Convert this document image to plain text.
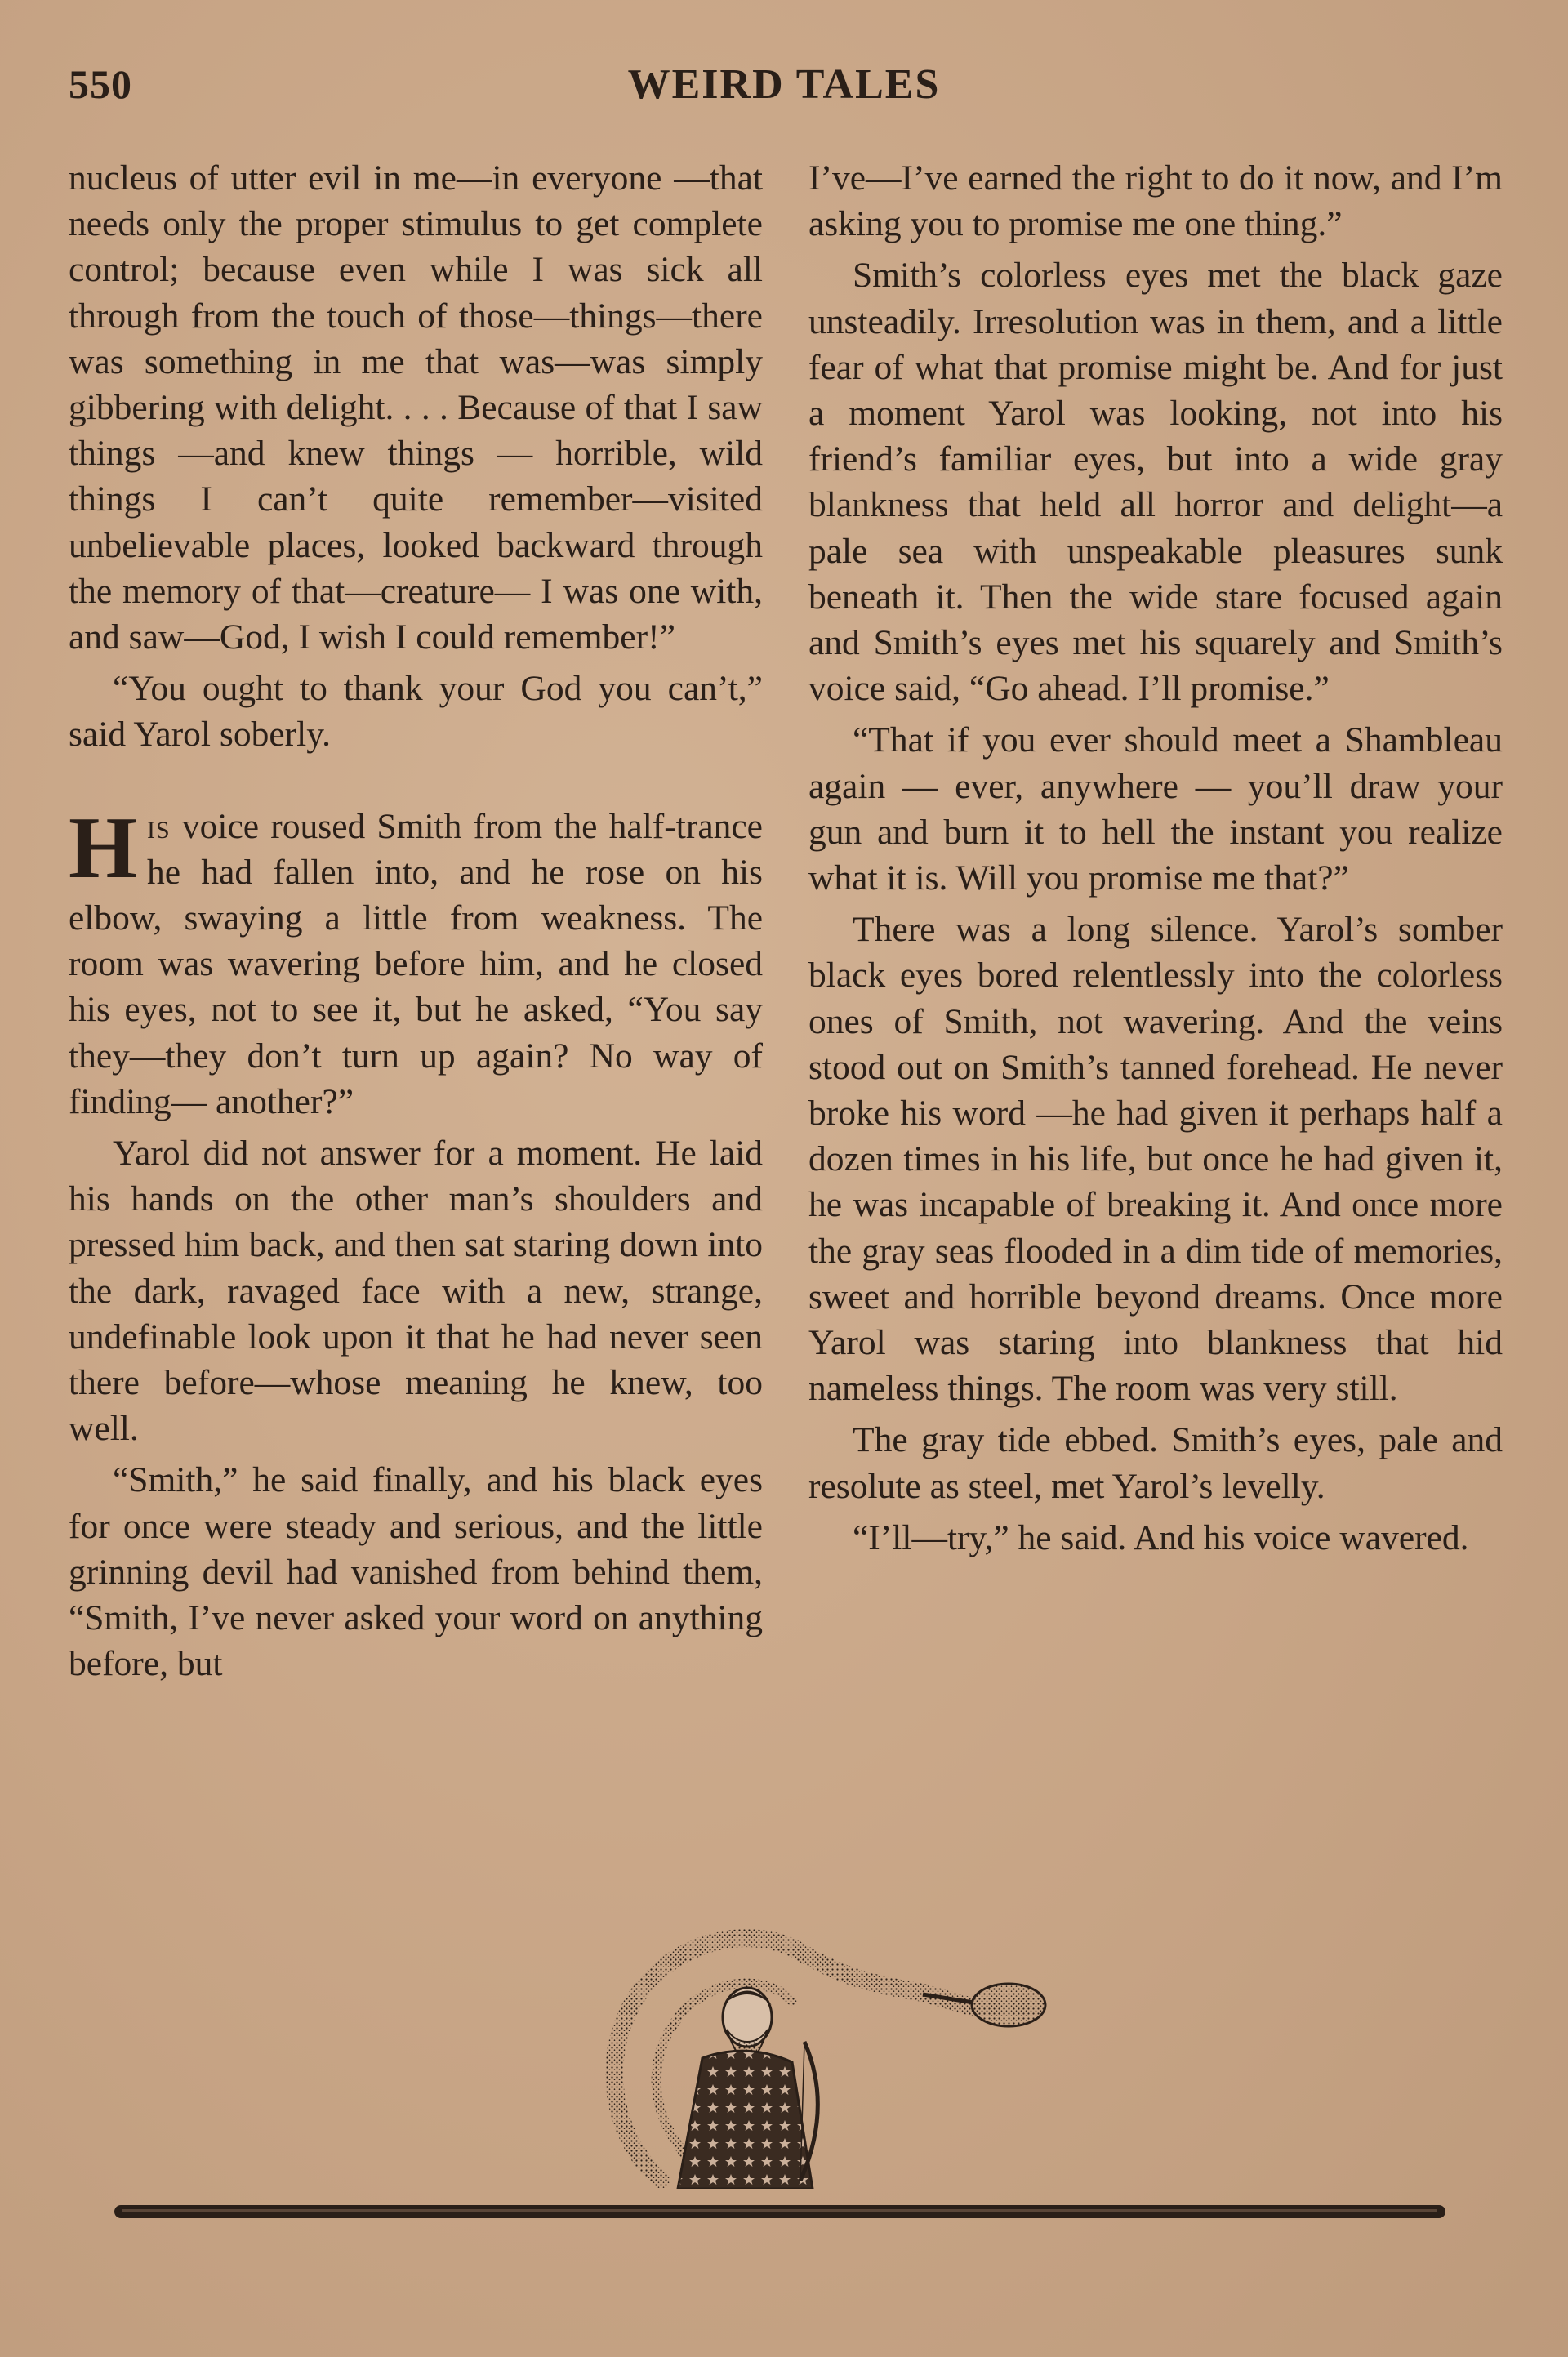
550	WEIRD TALES

nucleus of utter evil in me—in everyone —that needs only the proper stimulus to get complete control; because even while I was sick all through from the touch of those—things—there was something in me that was—was simply gibbering with delight. . . . Because of that I saw things —and knew things — horrible, wild things I can’t quite remember—visited unbelievable places, looked backward through the memory of that—creature— I was one with, and saw—God, I wish I could remember!”

“You ought to thank your God you can’t,” said Yarol soberly.

His voice roused Smith from the half-trance he had fallen into, and he rose on his elbow, swaying a little from weakness. The room was wavering before him, and he closed his eyes, not to see it, but he asked, “You say they—they don’t turn up again? No way of finding— another?”

Yarol did not answer for a moment. He laid his hands on the other man’s shoulders and pressed him back, and then sat staring down into the dark, ravaged face with a new, strange, undefinable look upon it that he had never seen there before—whose meaning he knew, too well.

“Smith,” he said finally, and his black eyes for once were steady and serious, and the little grinning devil had vanished from behind them, “Smith, I’ve never asked your word on anything before, but

I’ve—I’ve earned the right to do it now, and I’m asking you to promise me one thing.”

Smith’s colorless eyes met the black gaze unsteadily. Irresolution was in them, and a little fear of what that promise might be. And for just a moment Yarol was looking, not into his friend’s familiar eyes, but into a wide gray blankness that held all horror and delight—a pale sea with unspeakable pleasures sunk beneath it. Then the wide stare focused again and Smith’s eyes met his squarely and Smith’s voice said, “Go ahead. I’ll promise.”

“That if you ever should meet a Shambleau again — ever, anywhere — you’ll draw your gun and burn it to hell the instant you realize what it is. Will you promise me that?”

There was a long silence. Yarol’s somber black eyes bored relentlessly into the colorless ones of Smith, not wavering. And the veins stood out on Smith’s tanned forehead. He never broke his word —he had given it perhaps half a dozen times in his life, but once he had given it, he was incapable of breaking it. And once more the gray seas flooded in a dim tide of memories, sweet and horrible beyond dreams. Once more Yarol was staring into blankness that hid nameless things. The room was very still.

The gray tide ebbed. Smith’s eyes, pale and resolute as steel, met Yarol’s levelly.

“I’ll—try,” he said. And his voice wavered.
